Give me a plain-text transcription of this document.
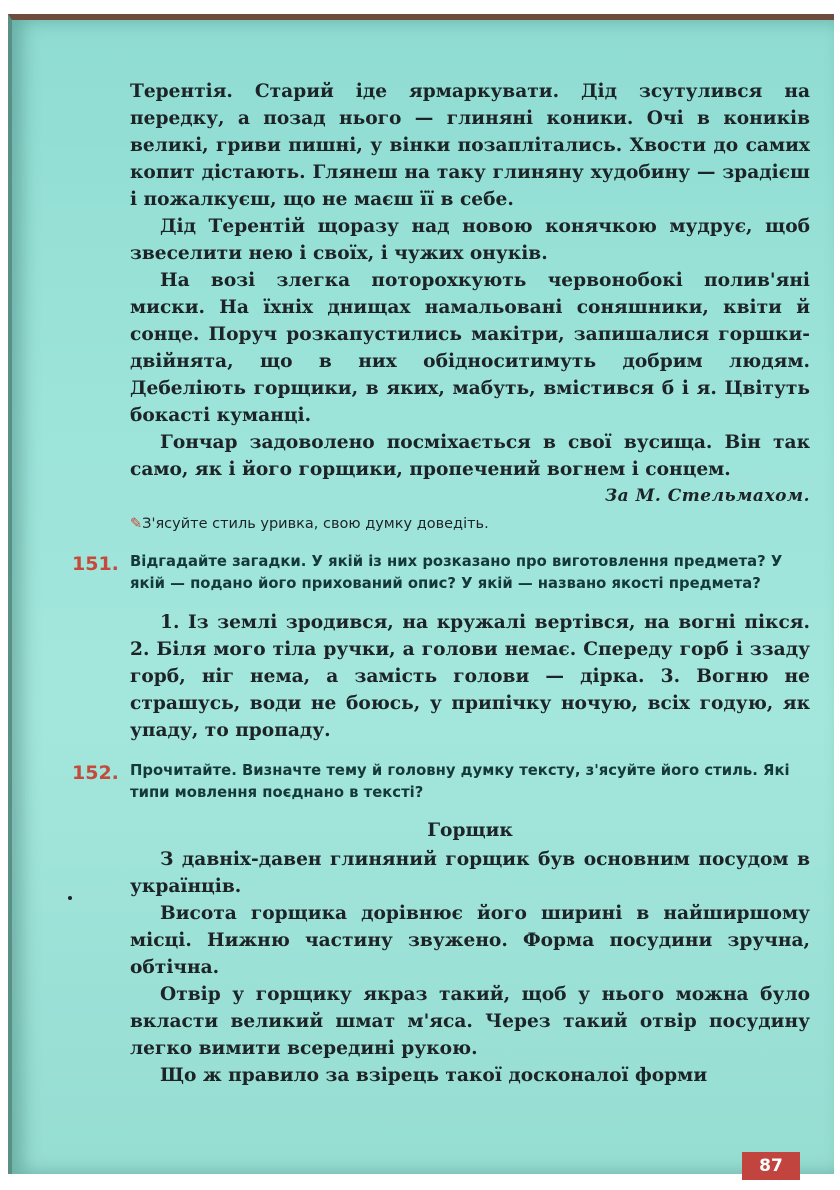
Терентія. Старий іде ярмаркувати. Дід зсутулився на передку, а позад нього — глиняні коники. Очі в коників великі, гриви пишні, у вінки позаплітались. Хвости до самих копит дістають. Глянеш на таку глиняну худобину — зрадієш і пожалкуєш, що не маєш її в себе.

Дід Терентій щоразу над новою конячкою мудрує, щоб звеселити нею і своїх, і чужих онуків.

На возі злегка поторохкують червонобокі полив'яні миски. На їхніх днищах намальовані соняшники, квіти й сонце. Поруч розкапустились макітри, запишалися горшки-двійнята, що в них обідноситимуть добрим людям. Дебеліють горщики, в яких, мабуть, вмістився б і я. Цвітуть бокасті куманці.

Гончар задоволено посміхається в свої вусища. Він так само, як і його горщики, пропечений вогнем і сонцем.

За М. Стельмахом.

✎З'ясуйте стиль уривка, свою думку доведіть.

151. Відгадайте загадки. У якій із них розказано про виготовлення предмета? У якій — подано його прихований опис? У якій — названо якості предмета?

1. Із землі зродився, на кружалі вертівся, на вогні пікся. 2. Біля мого тіла ручки, а голови немає. Спереду горб і ззаду горб, ніг нема, а замість голови — дірка. 3. Вогню не страшусь, води не боюсь, у припічку ночую, всіх годую, як упаду, то пропаду.

152. Прочитайте. Визначте тему й головну думку тексту, з'ясуйте його стиль. Які типи мовлення поєднано в тексті?

Горщик

З давніх-давен глиняний горщик був основним посудом в українців.

Висота горщика дорівнює його ширині в найширшому місці. Нижню частину звужено. Форма посудини зручна, обтічна.

Отвір у горщику якраз такий, щоб у нього можна було вкласти великий шмат м'яса. Через такий отвір посудину легко вимити всередині рукою.

Що ж правило за взірець такої досконалої форми

87
